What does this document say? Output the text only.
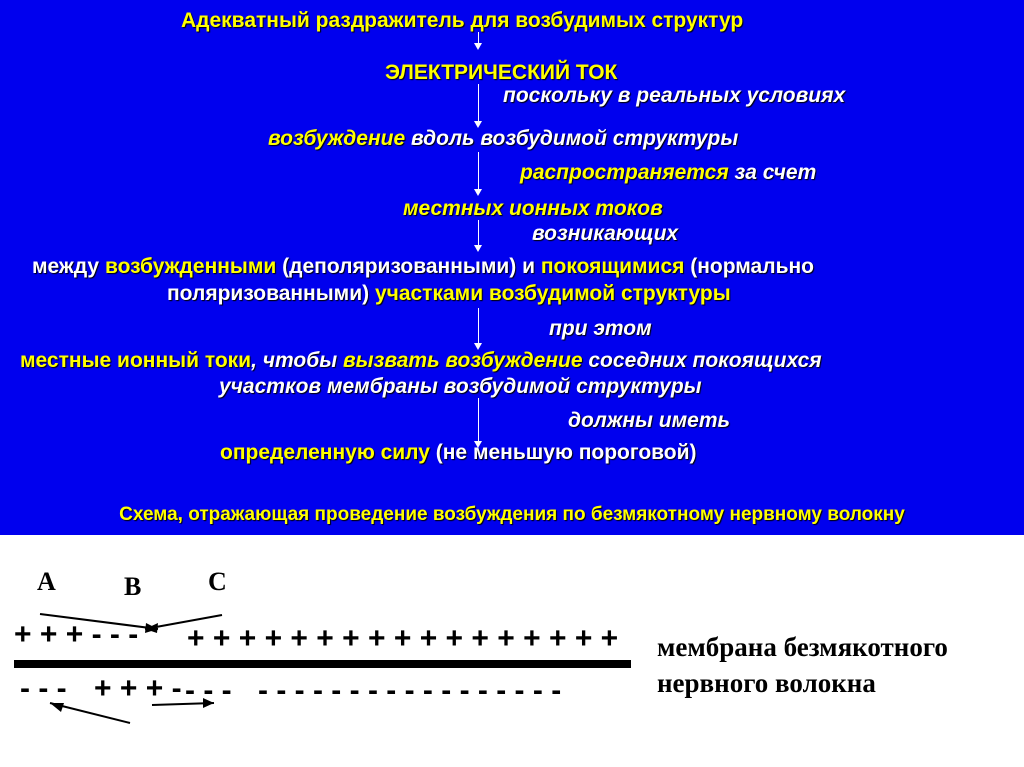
Адекватный раздражитель для возбудимых структур
ЭЛЕКТРИЧЕСКИЙ ТОК
поскольку в реальных условиях
возбуждение вдоль возбудимой структуры
распространяется за счет
местных ионных токов
возникающих
между возбужденными (деполяризованными) и покоящимися (нормально
поляризованными) участками возбудимой структуры
при этом
местные ионный токи, чтобы вызвать возбуждение соседних покоящихся
участков мембраны возбудимой структуры
должны иметь
определенную силу (не меньшую пороговой)
Схема, отражающая проведение возбуждения по безмякотному нервному волокну
A	B	C
+ + + - - - + + + + + + + + + + + + + + + + +
- - - + + + - - - - - - - - - - - - - - - - - - - - -
мембрана безмякотного
нервного волокна
